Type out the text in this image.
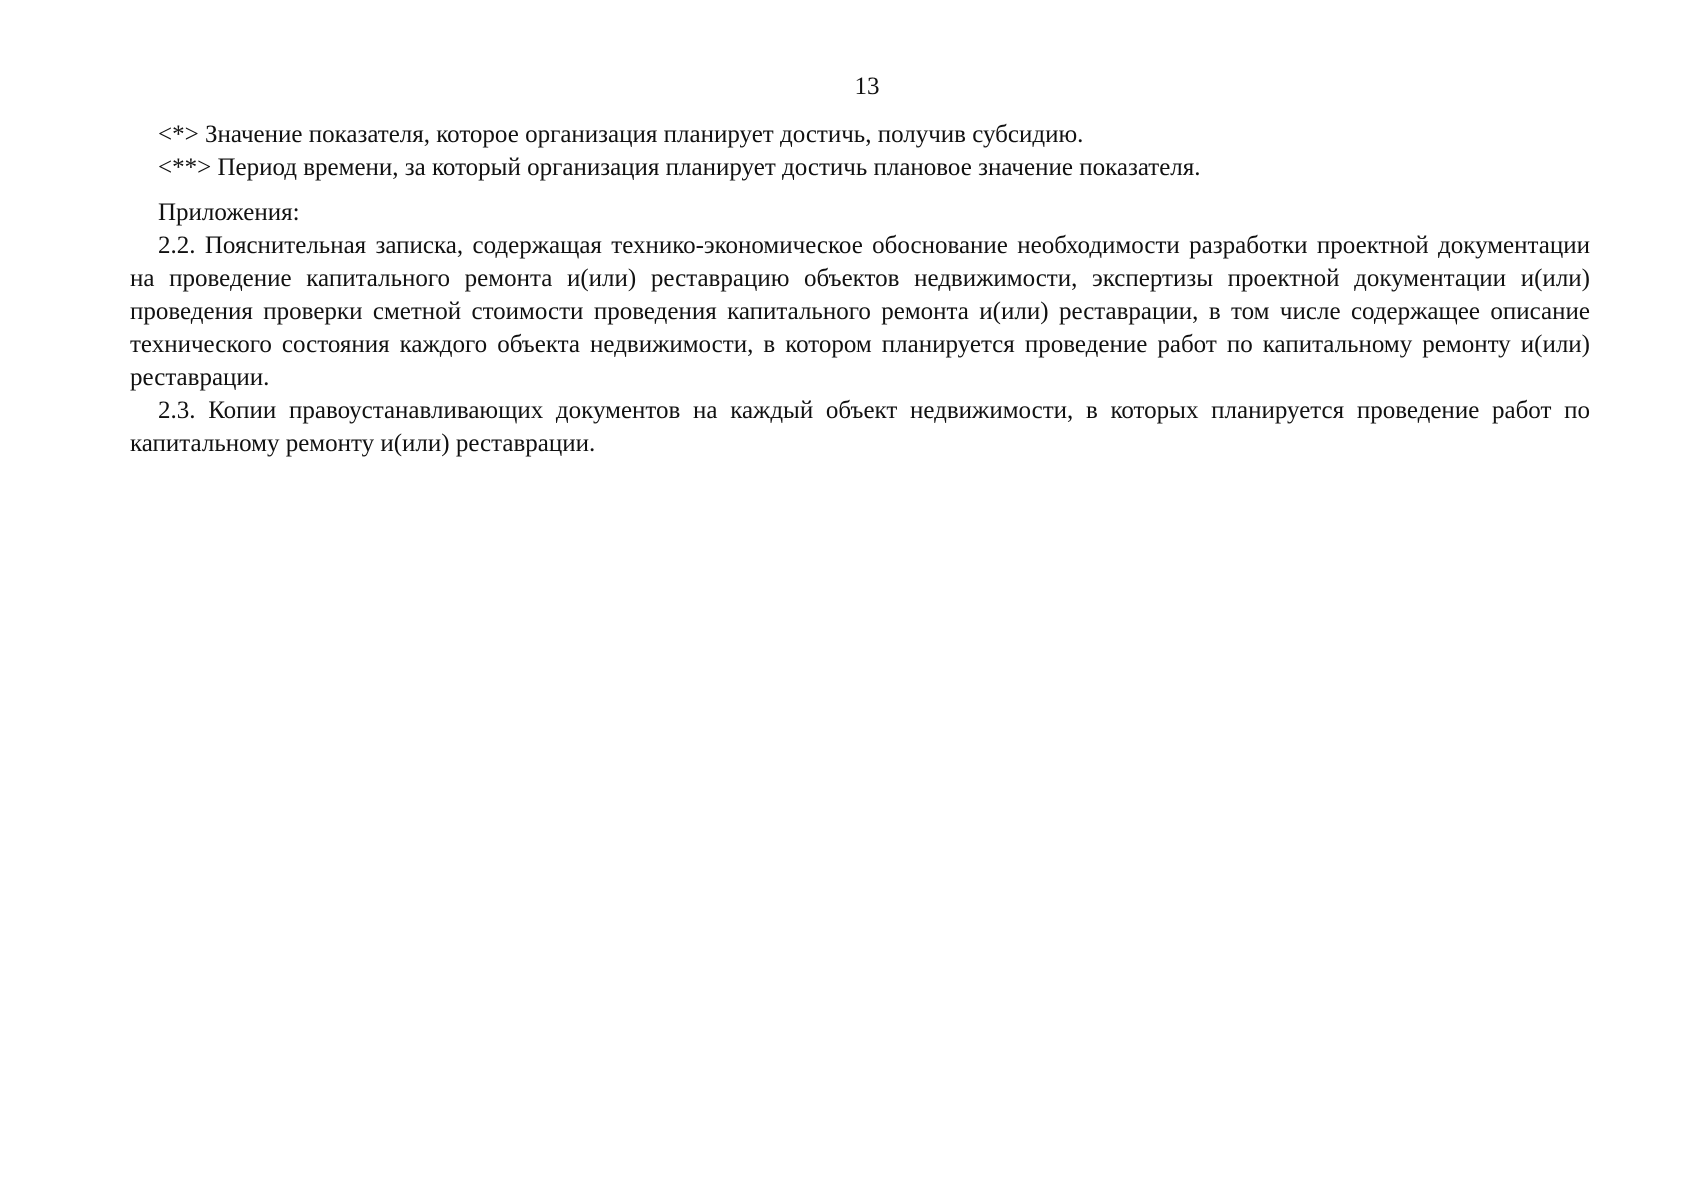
13

<*> Значение показателя, которое организация планирует достичь, получив субсидию.

<**> Период времени, за который организация планирует достичь плановое значение показателя.

Приложения:

2.2. Пояснительная записка, содержащая технико-экономическое обоснование необходимости разработки проектной документации на проведение капитального ремонта и(или) реставрацию объектов недвижимости, экспертизы проектной документации и(или) проведения проверки сметной стоимости проведения капитального ремонта и(или) реставрации, в том числе содержащее описание технического состояния каждого объекта недвижимости, в котором планируется проведение работ по капитальному ремонту и(или) реставрации.

2.3. Копии правоустанавливающих документов на каждый объект недвижимости, в которых планируется проведение работ по капитальному ремонту и(или) реставрации.
